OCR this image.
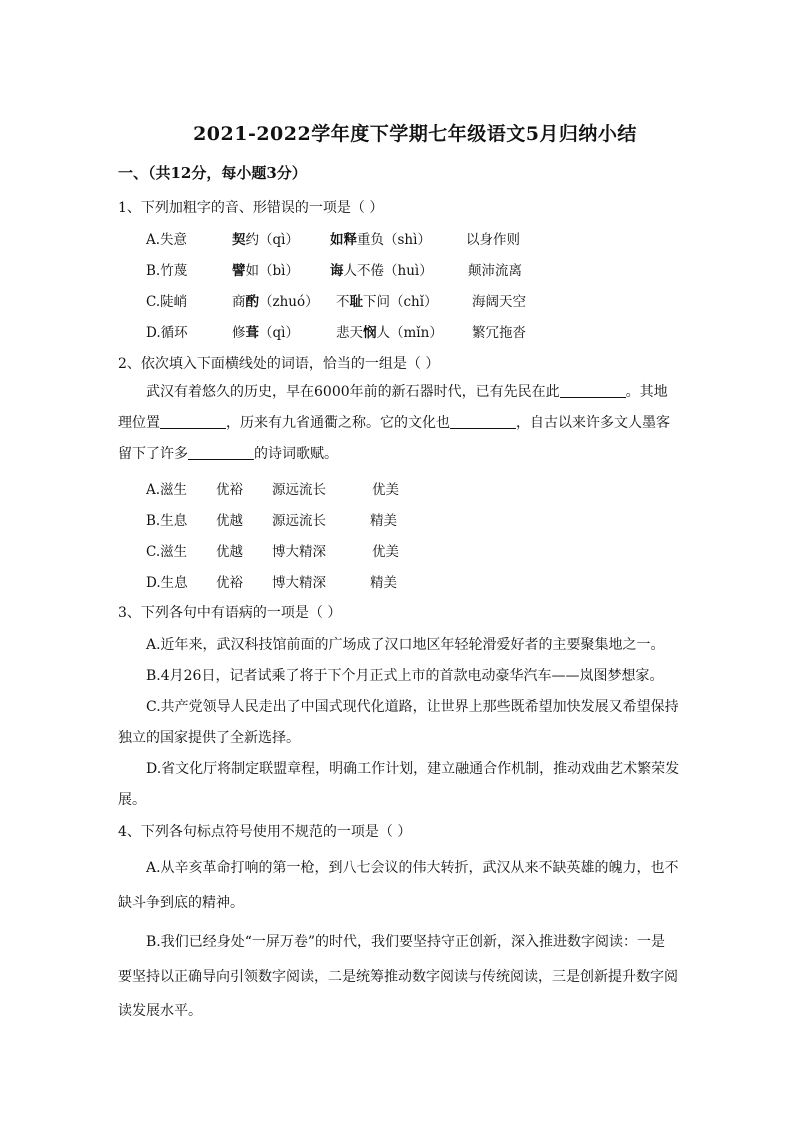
2021-2022学年度下学期七年级语文5月归纳小结
一、（共12分，每小题3分）
1、下列加粗字的音、形错误的一项是（ ）
A.失意	契约（qì） 如释重负（shì）	以身作则
B.竹蔑	譬如（bì） 诲人不倦（huì）	颠沛流离
C.陡峭	商酌（zhuó） 不耻下问（chǐ）	海阔天空
D.循环	修葺（qì）	悲天悯人（mǐn） 繁冗拖沓
2、依次填入下面横线处的词语，恰当的一组是（ ）
武汉有着悠久的历史，早在6000年前的新石器时代，已有先民在此	。其地
理位置	，历来有九省通衢之称。它的文化也	，自古以来许多文人墨客
留下了许多	的诗词歌赋。
A.滋生 优裕 源远流长	优美
B.生息 优越 源远流长	精美
C.滋生 优越 博大精深	优美
D.生息 优裕 博大精深	精美
3、下列各句中有语病的一项是（ ）
A.近年来，武汉科技馆前面的广场成了汉口地区年轻轮滑爱好者的主要聚集地之一。
B.4月26日，记者试乘了将于下个月正式上市的首款电动豪华汽车——岚图梦想家。
C.共产党领导人民走出了中国式现代化道路，让世界上那些既希望加快发展又希望保持
独立的国家提供了全新选择。
D.省文化厅将制定联盟章程，明确工作计划，建立融通合作机制，推动戏曲艺术繁荣发
展。
4、下列各句标点符号使用不规范的一项是（ ）
A.从辛亥革命打响的第一枪，到八七会议的伟大转折，武汉从来不缺英雄的魄力，也不
缺斗争到底的精神。
B.我们已经身处“一屏万卷”的时代，我们要坚持守正创新，深入推进数字阅读：一是
要坚持以正确导向引领数字阅读，二是统筹推动数字阅读与传统阅读，三是创新提升数字阅
读发展水平。
